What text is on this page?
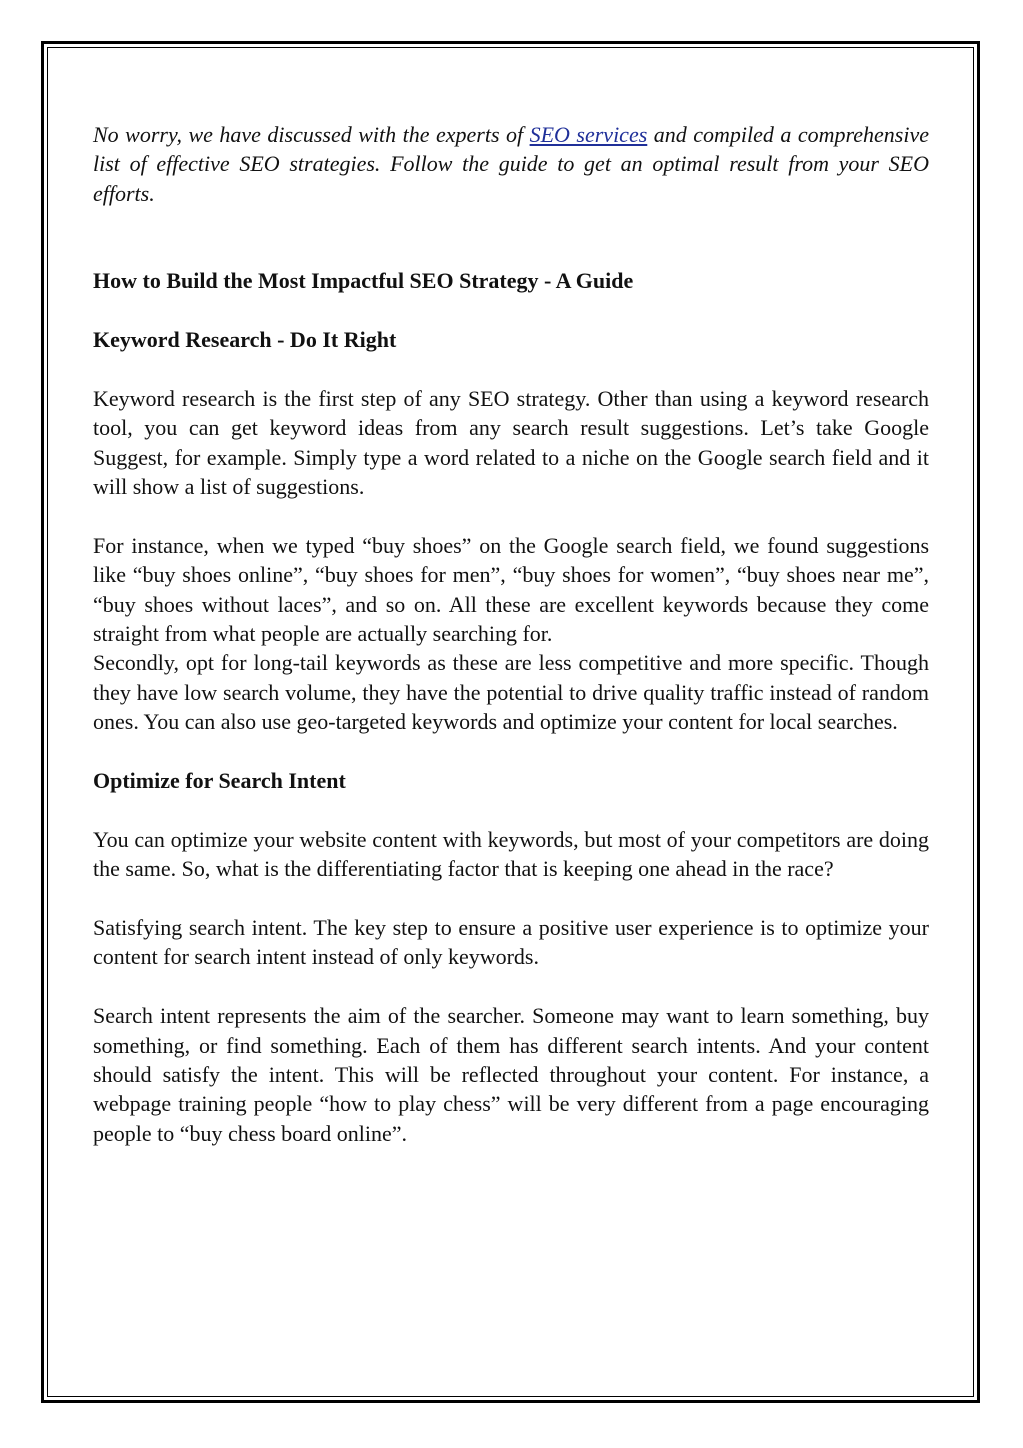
No worry, we have discussed with the experts of SEO services and compiled a comprehensive list of effective SEO strategies. Follow the guide to get an optimal result from your SEO efforts.

How to Build the Most Impactful SEO Strategy - A Guide

Keyword Research - Do It Right

Keyword research is the first step of any SEO strategy. Other than using a keyword research tool, you can get keyword ideas from any search result suggestions. Let’s take Google Suggest, for example. Simply type a word related to a niche on the Google search field and it will show a list of suggestions.

For instance, when we typed “buy shoes” on the Google search field, we found suggestions like “buy shoes online”, “buy shoes for men”, “buy shoes for women”, “buy shoes near me”, “buy shoes without laces”, and so on. All these are excellent keywords because they come straight from what people are actually searching for.

Secondly, opt for long-tail keywords as these are less competitive and more specific. Though they have low search volume, they have the potential to drive quality traffic instead of random ones. You can also use geo-targeted keywords and optimize your content for local searches.

Optimize for Search Intent

You can optimize your website content with keywords, but most of your competitors are doing the same. So, what is the differentiating factor that is keeping one ahead in the race?

Satisfying search intent. The key step to ensure a positive user experience is to optimize your content for search intent instead of only keywords.

Search intent represents the aim of the searcher. Someone may want to learn something, buy something, or find something. Each of them has different search intents. And your content should satisfy the intent. This will be reflected throughout your content. For instance, a webpage training people “how to play chess” will be very different from a page encouraging people to “buy chess board online”.
